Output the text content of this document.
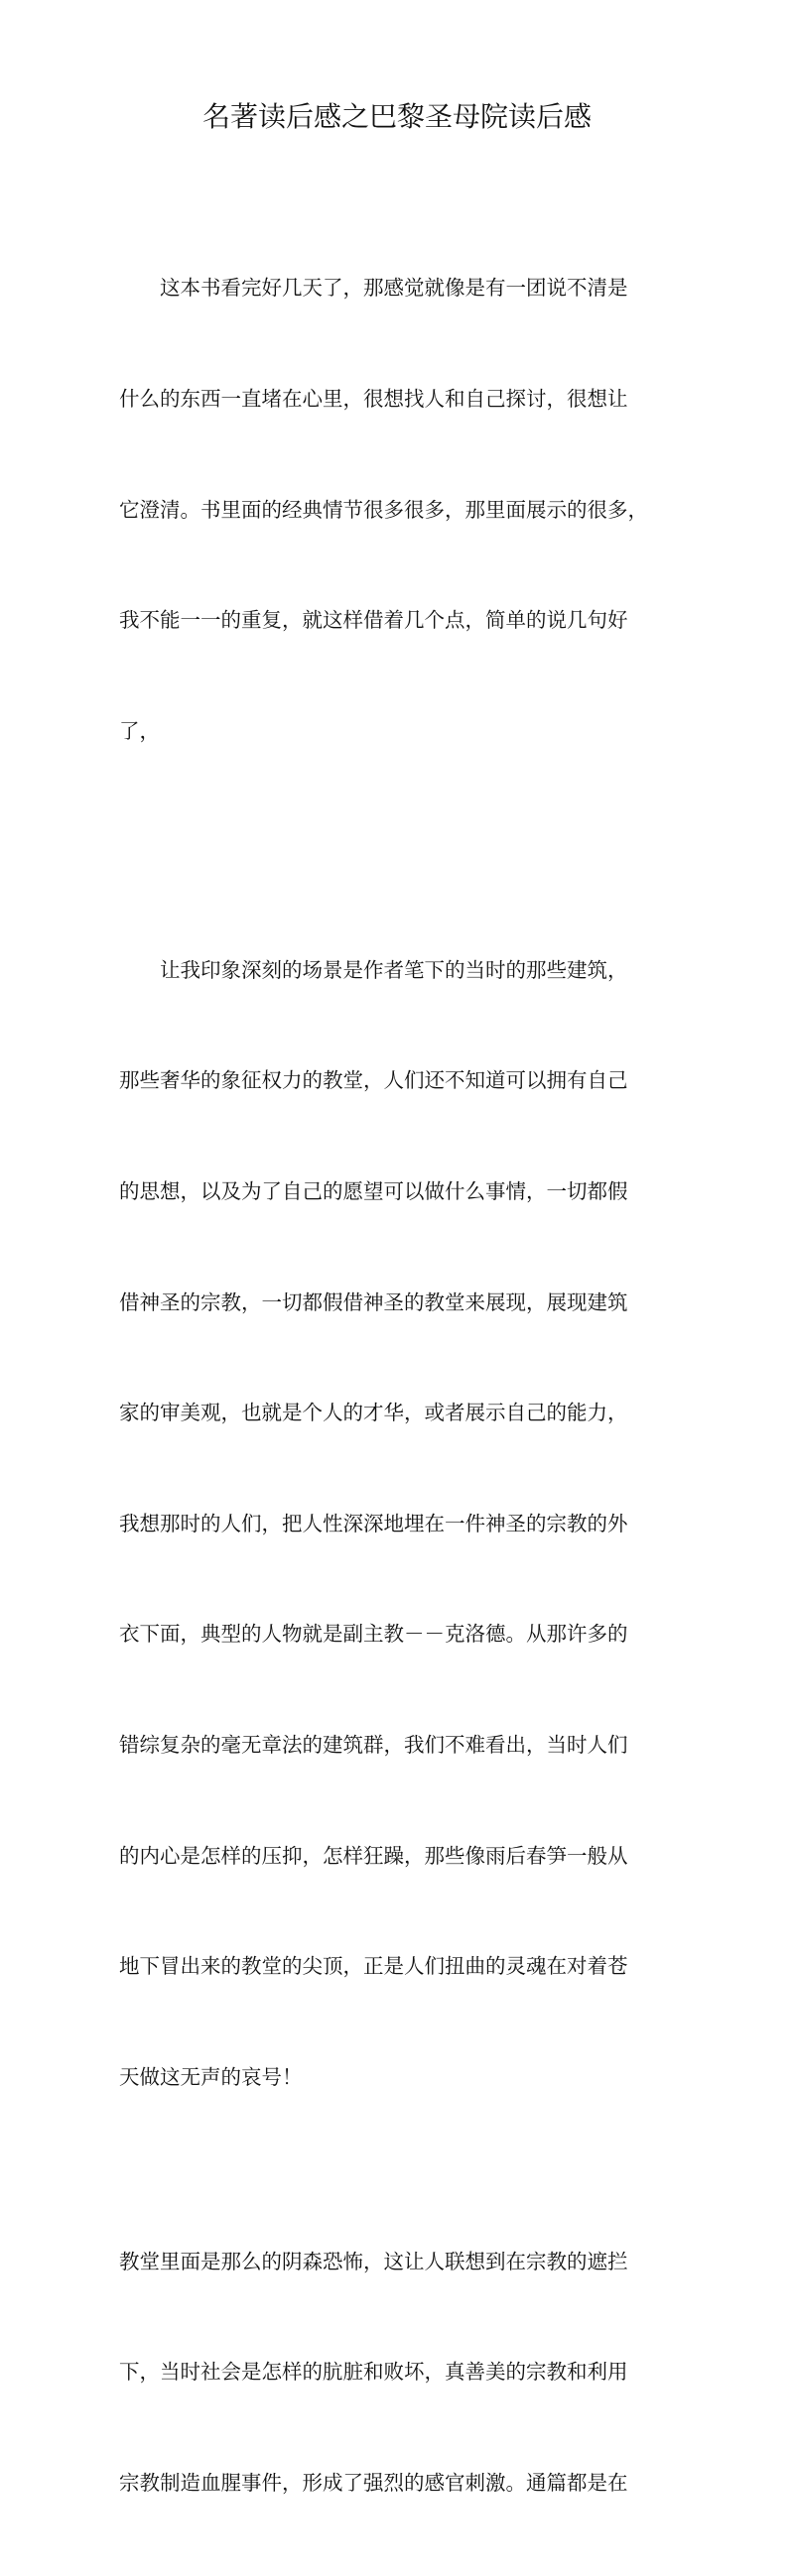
名著读后感之巴黎圣母院读后感

　　这本书看完好几天了，那感觉就像是有一团说不清是

什么的东西一直堵在心里，很想找人和自己探讨，很想让

它澄清。书里面的经典情节很多很多，那里面展示的很多，

我不能一一的重复，就这样借着几个点，简单的说几句好

了，

　　让我印象深刻的场景是作者笔下的当时的那些建筑，

那些奢华的象征权力的教堂，人们还不知道可以拥有自己

的思想，以及为了自己的愿望可以做什么事情，一切都假

借神圣的宗教，一切都假借神圣的教堂来展现，展现建筑

家的审美观，也就是个人的才华，或者展示自己的能力，

我想那时的人们，把人性深深地埋在一件神圣的宗教的外

衣下面，典型的人物就是副主教－－克洛德。从那许多的

错综复杂的毫无章法的建筑群，我们不难看出，当时人们

的内心是怎样的压抑，怎样狂躁，那些像雨后春笋一般从

地下冒出来的教堂的尖顶，正是人们扭曲的灵魂在对着苍

天做这无声的哀号！

教堂里面是那么的阴森恐怖，这让人联想到在宗教的遮拦

下，当时社会是怎样的肮脏和败坏，真善美的宗教和利用

宗教制造血腥事件，形成了强烈的感官刺激。通篇都是在
